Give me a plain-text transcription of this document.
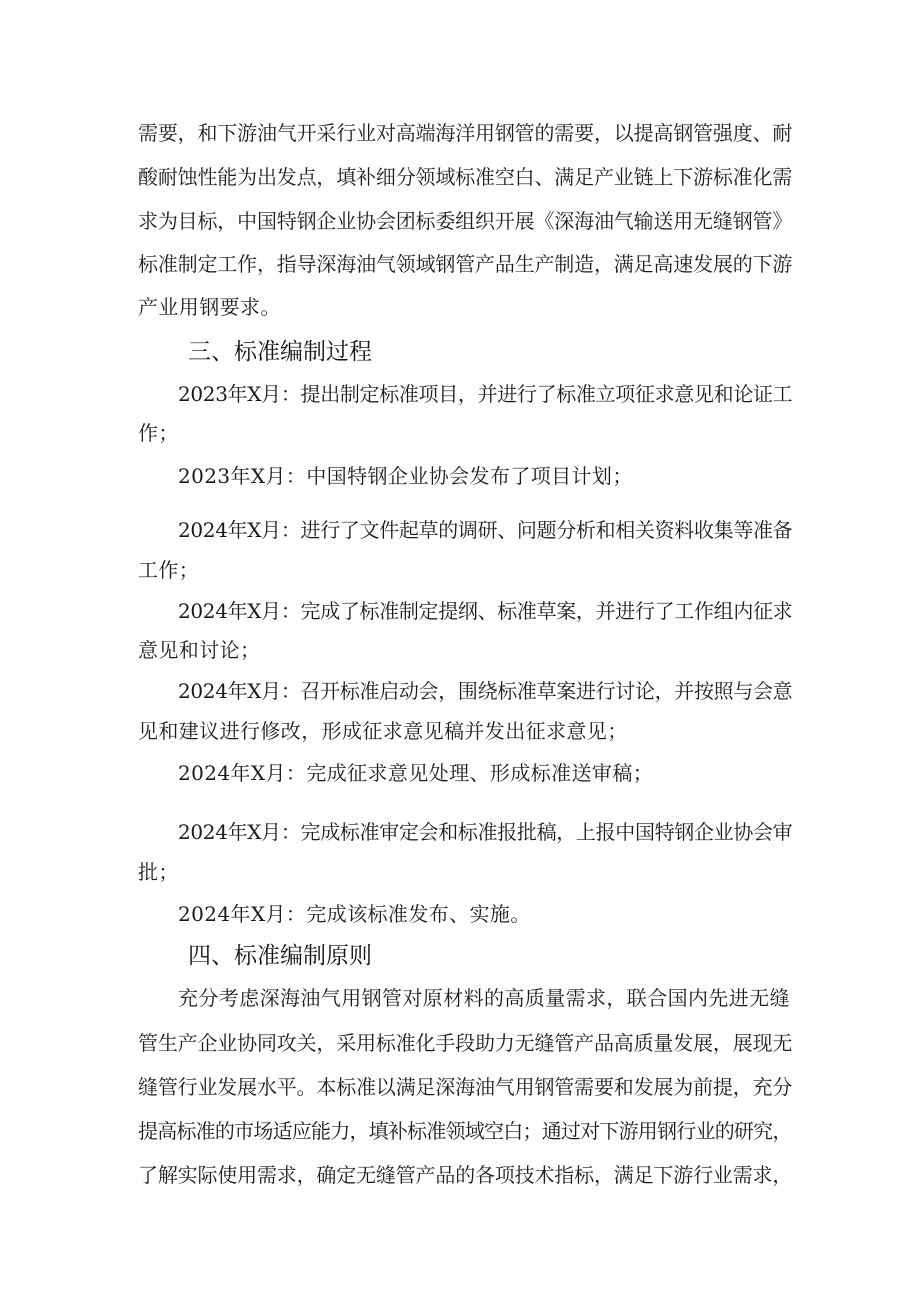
需要，和下游油气开采行业对高端海洋用钢管的需要，以提高钢管强度、耐
酸耐蚀性能为出发点，填补细分领域标准空白、满足产业链上下游标准化需
求为目标，中国特钢企业协会团标委组织开展《深海油气输送用无缝钢管》
标准制定工作，指导深海油气领域钢管产品生产制造，满足高速发展的下游
产业用钢要求。
三、标准编制过程
2023年X月：提出制定标准项目，并进行了标准立项征求意见和论证工
作；
2023年X月：中国特钢企业协会发布了项目计划；
2024年X月：进行了文件起草的调研、问题分析和相关资料收集等准备
工作；
2024年X月：完成了标准制定提纲、标准草案，并进行了工作组内征求
意见和讨论；
2024年X月：召开标准启动会，围绕标准草案进行讨论，并按照与会意
见和建议进行修改，形成征求意见稿并发出征求意见；
2024年X月：完成征求意见处理、形成标准送审稿；
2024年X月：完成标准审定会和标准报批稿，上报中国特钢企业协会审
批；
2024年X月：完成该标准发布、实施。
四、标准编制原则
充分考虑深海油气用钢管对原材料的高质量需求，联合国内先进无缝
管生产企业协同攻关，采用标准化手段助力无缝管产品高质量发展，展现无
缝管行业发展水平。本标准以满足深海油气用钢管需要和发展为前提，充分
提高标准的市场适应能力，填补标准领域空白；通过对下游用钢行业的研究，
了解实际使用需求，确定无缝管产品的各项技术指标，满足下游行业需求，
